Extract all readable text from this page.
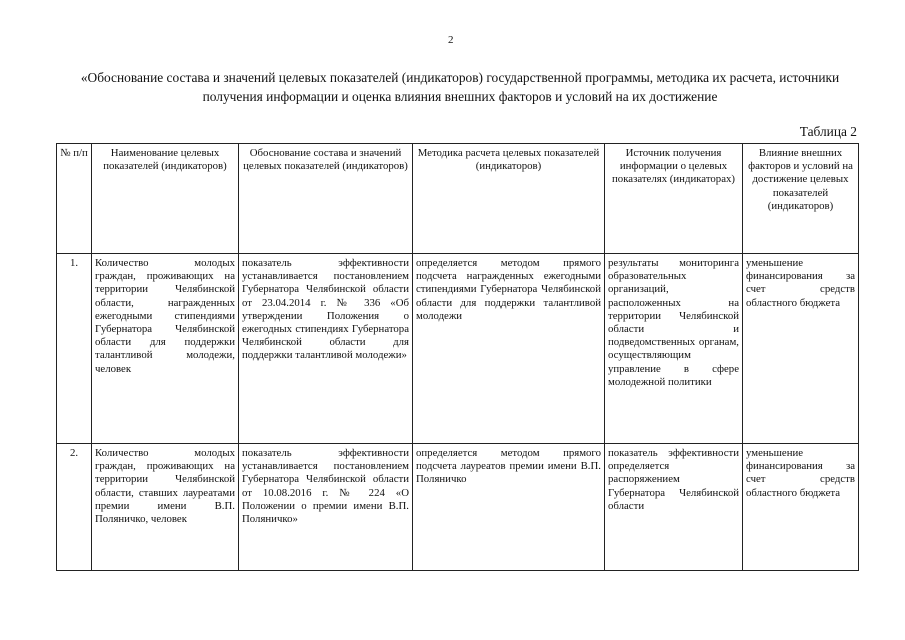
2
«Обоснование состава и значений целевых показателей (индикаторов) государственной программы, методика их расчета, источники получения информации и оценка влияния внешних факторов и условий на их достижение
Таблица 2
№ п/п	Наименование целевых показателей (индикаторов)	Обоснование состава и значений целевых показателей (индикаторов)	Методика расчета целевых показателей (индикаторов)	Источник получения информации о целевых показателях (индикаторах)	Влияние внешних факторов и условий на достижение целевых показателей (индикаторов)
1.	Количество молодых граждан, проживающих на территории Челябинской области, награжденных ежегодными стипендиями Губернатора Челябинской области для поддержки талантливой молодежи, человек	показатель эффективности устанавливается постановлением Губернатора Челябинской области от 23.04.2014 г. № 336 «Об утверждении Положения о ежегодных стипендиях Губернатора Челябинской области для поддержки талантливой молодежи»	определяется методом прямого подсчета награжденных ежегодными стипендиями Губернатора Челябинской области для поддержки талантливой молодежи	результаты мониторинга образовательных организаций, расположенных на территории Челябинской области и подведомственных органам, осуществляющим управление в сфере молодежной политики	уменьшение финансирования за счет средств областного бюджета
2.	Количество молодых граждан, проживающих на территории Челябинской области, ставших лауреатами премии имени В.П. Поляничко, человек	показатель эффективности устанавливается постановлением Губернатора Челябинской области от 10.08.2016 г. № 224 «О Положении о премии имени В.П. Поляничко»	определяется методом прямого подсчета лауреатов премии имени В.П. Поляничко	показатель эффективности определяется распоряжением Губернатора Челябинской области	уменьшение финансирования за счет средств областного бюджета
